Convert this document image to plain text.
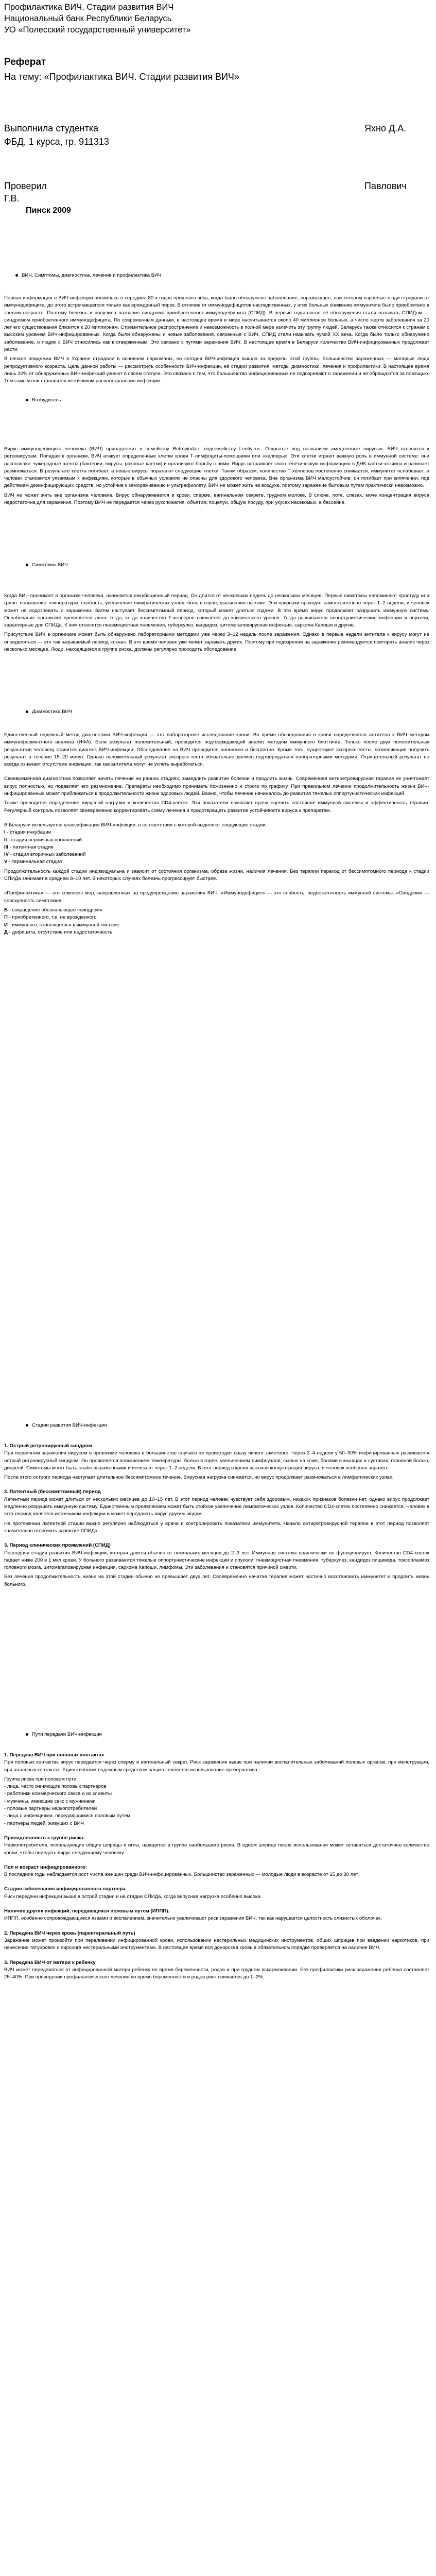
Профилактика ВИЧ. Стадии развития ВИЧ
Национальный банк Республики Беларусь
УО «Полесский государственный университет»
Реферат
На тему: «Профилактика ВИЧ. Стадии развития ВИЧ»
Выполнила студентка	Яхно Д.А.
ФБД, 1 курса, гр. 911313
Проверил	Павлович
Г.В.
Пинск 2009
ВИЧ. Симптомы, диагностика, лечение и профилактика ВИЧ

Первая информация о ВИЧ-инфекции появилась в середине 80-х годов прошлого века, когда было обнаружено заболевание, поражающее, при котором взрослые люди страдали от иммунодефицита, до этого встречавшегося только как врожденный порок. В отличие от иммунодефицитов наследственных, у этих больных снижение иммунитета было приобретено в зрелом возрасте. Поэтому болезнь и получила название синдрома приобретенного иммунодефицита (СПИД). В первые годы после её обнаружения стали называть СПИДом — синдромом приобретенного иммунодефицита. По современным данным, в настоящее время в мире насчитывается около 40 миллионов больных, а число жертв заболевания за 20 лет его существования близится к 20 миллионам. Стремительное распространение и невозможность в полной мере излечить эту группу людей. Беларусь также относится к странам с высоким уровнем ВИЧ-инфицированных. Когда были обнаружены и новые заболевания, связанные с ВИЧ, СПИД стали называть чумой XX века. Когда было только обнаружено заболевание, о людях с ВИЧ относились как к отверженным. Это связано с путями заражения ВИЧ. В настоящее время в Беларуси количество ВИЧ-инфицированных продолжает расти.

В начале эпидемии ВИЧ в Украине страдали в основном наркоманы, но сегодня ВИЧ-инфекция вышла за пределы этой группы. Большинство зараженных — молодые люди репродуктивного возраста. Цель данной работы — рассмотреть особенности ВИЧ-инфекции, её стадии развития, методы диагностики, лечения и профилактики. В настоящее время лишь 20% от обнаруженных ВИЧ-инфекций узнают о своем статусе. Это связано с тем, что большинство инфицированных не подозревают о заражении и не обращаются за помощью. Тем самым они становятся источником распространения инфекции.

Возбудитель

Вирус иммунодефицита человека (ВИЧ) принадлежит к семейству Retroviridae, подсемейству Lentivirus. Открытые под названием «медленные вирусы», ВИЧ относится к ретровирусам. Попадая в организм, ВИЧ атакует определенные клетки крови Т-лимфоциты-помощники или «хелперы». Эти клетки играют важную роль в иммунной системе: они распознают чужеродные агенты (бактерии, вирусы, раковые клетки) и организуют борьбу с ними. Вирус встраивает свою генетическую информацию в ДНК клетки-хозяина и начинает размножаться. В результате клетка погибает, а новые вирусы поражают следующие клетки. Таким образом, количество Т-хелперов постепенно снижается, иммунитет ослабевает, и человек становится уязвимым к инфекциям, которые в обычных условиях не опасны для здорового человека. Вне организма ВИЧ малоустойчив: он погибает при кипячении, под действием дезинфицирующих средств, но устойчив к замораживанию и ультрафиолету. ВИЧ не может жить на воздухе, поэтому заражение бытовым путем практически невозможно.

ВИЧ не может жить вне организма человека. Вирус обнаруживается в крови, сперме, вагинальном секрете, грудном молоке. В слюне, поте, слезах, моче концентрация вируса недостаточна для заражения. Поэтому ВИЧ не передается через рукопожатия, объятия, поцелуи, общую посуду, при укусах насекомых, в бассейне.

Симптомы ВИЧ

Когда ВИЧ проникает в организм человека, начинается инкубационный период. Он длится от нескольких недель до нескольких месяцев. Первые симптомы напоминают простуду или грипп: повышение температуры, слабость, увеличение лимфатических узлов, боль в горле, высыпания на коже. Эти признаки проходят самостоятельно через 1–2 недели, и человек может не подозревать о заражении. Затем наступает бессимптомный период, который может длиться годами. В это время вирус продолжает разрушать иммунную систему. Ослабевание организма проявляется лишь тогда, когда количество Т-хелперов снижается до критического уровня. Тогда развиваются оппортунистические инфекции и опухоли, характерные для СПИДа. К ним относятся пневмоцистная пневмония, туберкулез, кандидоз, цитомегаловирусная инфекция, саркома Капоши и другие.

Присутствие ВИЧ в организме может быть обнаружено лабораторными методами уже через 3–12 недель после заражения. Однако в первые недели антитела к вирусу могут не определяться — это так называемый период «окна». В это время человек уже может заражать других. Поэтому при подозрении на заражение рекомендуется повторить анализ через несколько месяцев. Люди, находящиеся в группе риска, должны регулярно проходить обследование.

Диагностика ВИЧ

Единственный надежный метод диагностики ВИЧ-инфекции — это лабораторное исследование крови. Во время обследования в крови определяются антитела к ВИЧ методом иммуноферментного анализа (ИФА). Если результат положительный, проводится подтверждающий анализ методом иммунного блоттинга. Только после двух положительных результатов человеку ставится диагноз ВИЧ-инфекции. Обследование на ВИЧ проводится анонимно и бесплатно. Кроме того, существуют экспресс-тесты, позволяющие получить результат в течение 15–20 минут. Однако положительный результат экспресс-теста обязательно должен подтверждаться лабораторными методами. Отрицательный результат не всегда означает отсутствие инфекции, так как антитела могут не успеть выработаться.

Своевременная диагностика позволяет начать лечение на ранних стадиях, замедлить развитие болезни и продлить жизнь. Современная антиретровирусная терапия не уничтожает вирус полностью, но подавляет его размножение. Препараты необходимо принимать пожизненно и строго по графику. При правильном лечении продолжительность жизни ВИЧ-инфицированных может приближаться к продолжительности жизни здоровых людей. Важно, чтобы лечение начиналось до развития тяжелых оппортунистических инфекций.

Также проводится определение вирусной нагрузки и количества CD4-клеток. Эти показатели помогают врачу оценить состояние иммунной системы и эффективность терапии. Регулярный контроль позволяет своевременно корректировать схему лечения и предотвращать развитие устойчивости вируса к препаратам.

В Беларуси используется классификация ВИЧ-инфекции, в соответствии с которой выделяют следующие стадии:

I - стадия инкубации

II - стадия первичных проявлений

III - латентная стадия

IV - стадия вторичных заболеваний

V - терминальная стадия

Продолжительность каждой стадии индивидуальна и зависит от состояния организма, образа жизни, наличия лечения. Без терапии переход от бессимптомного периода к стадии СПИДа занимает в среднем 8–10 лет. В некоторых случаях болезнь прогрессирует быстрее.

«Профилактика» — это комплекс мер, направленных на предупреждение заражения ВИЧ. «Иммунодефицит» — это слабость, недостаточность иммунной системы. «Синдром» — совокупность симптомов.

Б - сокращение обозначающее «синдром»

П - приобретенного, т.е. не врожденного

И - иммунного, относящегося к иммунной системе

Д - дефицита, отсутствие или недостаточность

Стадии развития ВИЧ-инфекции

1. Острый ретровирусный синдром

При первичном заражении вирусом в организме человека в большинстве случаев не происходит сразу ничего заметного. Через 2–4 недели у 50–90% инфицированных развивается острый ретровирусный синдром. Он проявляется повышением температуры, болью в горле, увеличением лимфоузлов, сыпью на коже, болями в мышцах и суставах, головной болью, диареей. Симптомы могут быть слабо выраженными и исчезают через 1–2 недели. В этот период в крови высокая концентрация вируса, и человек особенно заразен.

После этого острого периода наступает длительное бессимптомное течение. Вирусная нагрузка снижается, но вирус продолжает размножаться в лимфатических узлах.

2. Латентный (бессимптомный) период

Латентный период может длиться от нескольких месяцев до 10–15 лет. В этот период человек чувствует себя здоровым, никаких признаков болезни нет, однако вирус продолжает медленно разрушать иммунную систему. Единственным проявлением может быть стойкое увеличение лимфатических узлов. Количество CD4-клеток постепенно снижается. Человек в этот период является источником инфекции и может передавать вирус другим людям.

На протяжении латентной стадии важно регулярно наблюдаться у врача и контролировать показатели иммунитета. Начало антиретровирусной терапии в этот период позволяет значительно отсрочить развитие СПИДа.

3. Период клинических проявлений (СПИД)

Последняя стадия развития ВИЧ-инфекции, которая длится обычно от нескольких месяцев до 2–3 лет. Иммунная система практически не функционирует. Количество CD4-клеток падает ниже 200 в 1 мкл крови. У больного развиваются тяжелые оппортунистические инфекции и опухоли: пневмоцистная пневмония, туберкулез, кандидоз пищевода, токсоплазмоз головного мозга, цитомегаловирусная инфекция, саркома Капоши, лимфомы. Эти заболевания и становятся причиной смерти.

Без лечения продолжительность жизни на этой стадии обычно не превышает двух лет. Своевременно начатая терапия может частично восстановить иммунитет и продлить жизнь больного.

Пути передачи ВИЧ-инфекции

1. Передача ВИЧ при половых контактах

При половых контактах вирус передается через сперму и вагинальный секрет. Риск заражения выше при наличии воспалительных заболеваний половых органов, при менструации, при анальных контактах. Единственным надежным средством защиты является использование презерватива.

Группа риска при половом пути:

- лица, часто меняющие половых партнеров

- работники коммерческого секса и их клиенты

- мужчины, имеющие секс с мужчинами

- половые партнеры наркопотребителей

- лица с инфекциями, передающимися половым путем

- партнеры людей, живущих с ВИЧ

Принадлежность к группе риска.

Наркопотребители, использующие общие шприцы и иглы, находятся в группе наибольшего риска. В одном шприце после использования может оставаться достаточное количество крови, чтобы передать вирус следующему человеку.

Пол и возраст инфицированного:

В последние годы наблюдается рост числа женщин среди ВИЧ-инфицированных. Большинство зараженных — молодые люди в возрасте от 15 до 30 лет.

Стадия заболевания инфицированного партнера.

Риск передачи инфекции выше в острой стадии и на стадии СПИДа, когда вирусная нагрузка особенно высока.

Наличие других инфекций, передающихся половым путем (ИППП).

ИППП, особенно сопровождающиеся язвами и воспалением, значительно увеличивают риск заражения ВИЧ, так как нарушается целостность слизистых оболочек.

2. Передача ВИЧ через кровь (парентеральный путь)

Заражение может произойти при переливании инфицированной крови, использовании нестерильных медицинских инструментов, общих шприцев при введении наркотиков, при нанесении татуировок и пирсинга нестерильными инструментами. В настоящее время вся донорская кровь в обязательном порядке проверяется на наличие ВИЧ.

3. Передача ВИЧ от матери к ребенку

ВИЧ может передаваться от инфицированной матери ребенку во время беременности, родов и при грудном вскармливании. Без профилактики риск заражения ребенка составляет 25–40%. При проведении профилактического лечения во время беременности и родов риск снижается до 1–2%.
